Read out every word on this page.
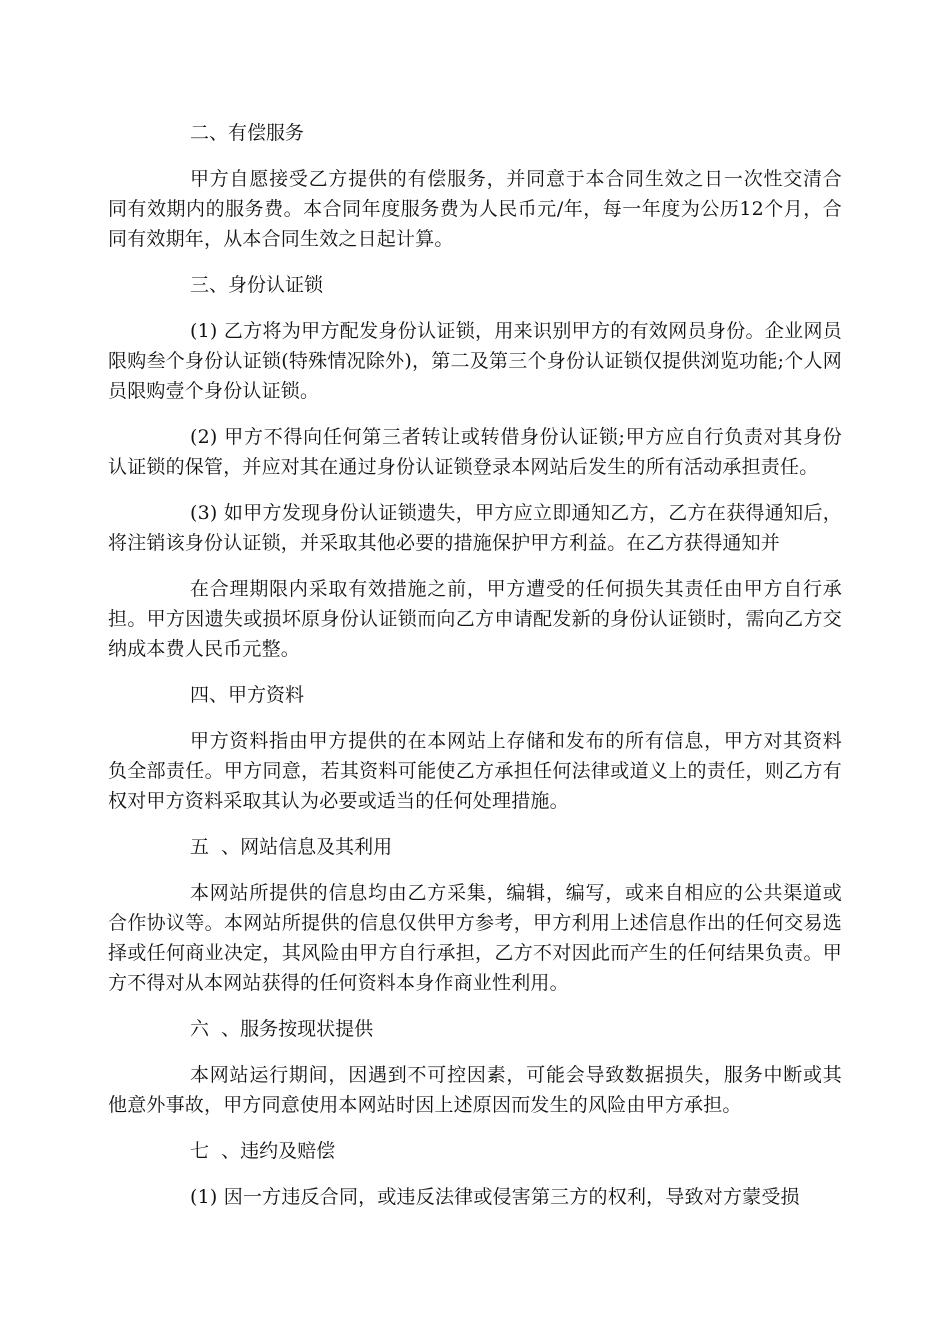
二、有偿服务

甲方自愿接受乙方提供的有偿服务，并同意于本合同生效之日一次性交清合同有效期内的服务费。本合同年度服务费为人民币元/年，每一年度为公历12个月，合同有效期年，从本合同生效之日起计算。

三、身份认证锁

(1) 乙方将为甲方配发身份认证锁，用来识别甲方的有效网员身份。企业网员限购叁个身份认证锁(特殊情况除外)，第二及第三个身份认证锁仅提供浏览功能;个人网员限购壹个身份认证锁。

(2) 甲方不得向任何第三者转让或转借身份认证锁;甲方应自行负责对其身份认证锁的保管，并应对其在通过身份认证锁登录本网站后发生的所有活动承担责任。

(3) 如甲方发现身份认证锁遗失，甲方应立即通知乙方，乙方在获得通知后，将注销该身份认证锁，并采取其他必要的措施保护甲方利益。在乙方获得通知并

在合理期限内采取有效措施之前，甲方遭受的任何损失其责任由甲方自行承担。甲方因遗失或损坏原身份认证锁而向乙方申请配发新的身份认证锁时，需向乙方交纳成本费人民币元整。

四、甲方资料

甲方资料指由甲方提供的在本网站上存储和发布的所有信息，甲方对其资料负全部责任。甲方同意，若其资料可能使乙方承担任何法律或道义上的责任，则乙方有权对甲方资料采取其认为必要或适当的任何处理措施。

五  、网站信息及其利用

本网站所提供的信息均由乙方采集，编辑，编写，或来自相应的公共渠道或合作协议等。本网站所提供的信息仅供甲方参考，甲方利用上述信息作出的任何交易选择或任何商业决定，其风险由甲方自行承担，乙方不对因此而产生的任何结果负责。甲方不得对从本网站获得的任何资料本身作商业性利用。

六  、服务按现状提供

本网站运行期间，因遇到不可控因素，可能会导致数据损失，服务中断或其他意外事故，甲方同意使用本网站时因上述原因而发生的风险由甲方承担。

七  、违约及赔偿

(1) 因一方违反合同，或违反法律或侵害第三方的权利，导致对方蒙受损
